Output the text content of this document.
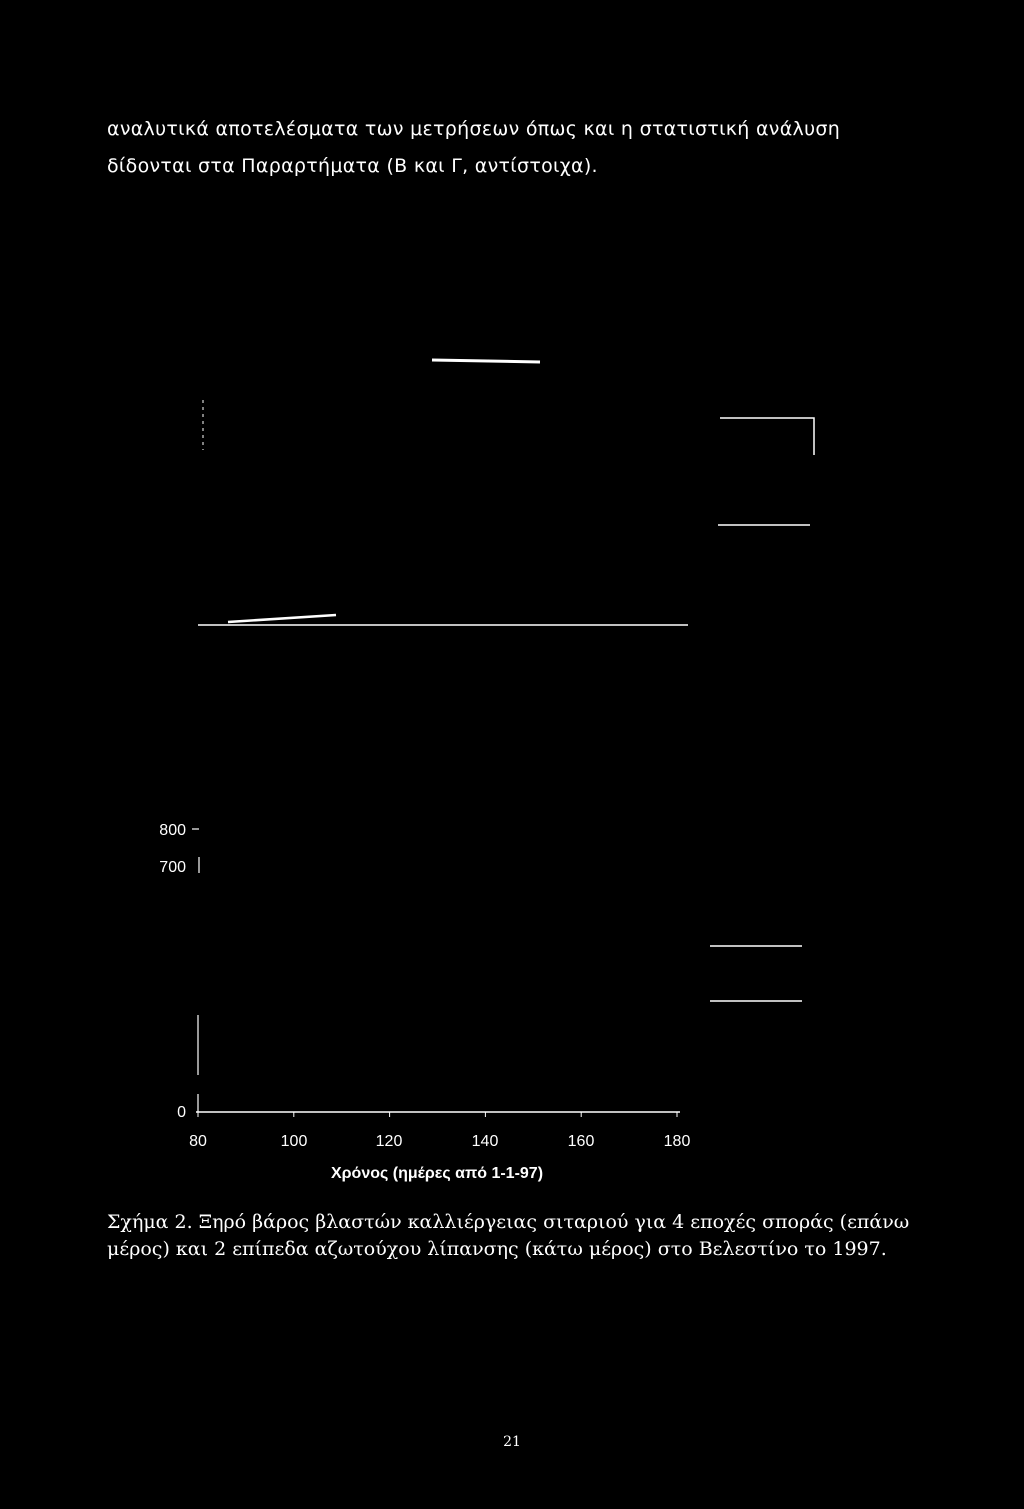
αναλυτικά αποτελέσματα των μετρήσεων όπως και η στατιστική ανάλυση
δίδονται στα Παραρτήματα (Β και Γ, αντίστοιχα).
800
700
0
80	100	120	140	160	180
Χρόνος (ημέρες από 1-1-97)
Σχήμα 2. Ξηρό βάρος βλαστών καλλιέργειας σιταριού για 4 εποχές σποράς (επάνω
μέρος) και 2 επίπεδα αζωτούχου λίπανσης (κάτω μέρος) στο Βελεστίνο το 1997.
21
